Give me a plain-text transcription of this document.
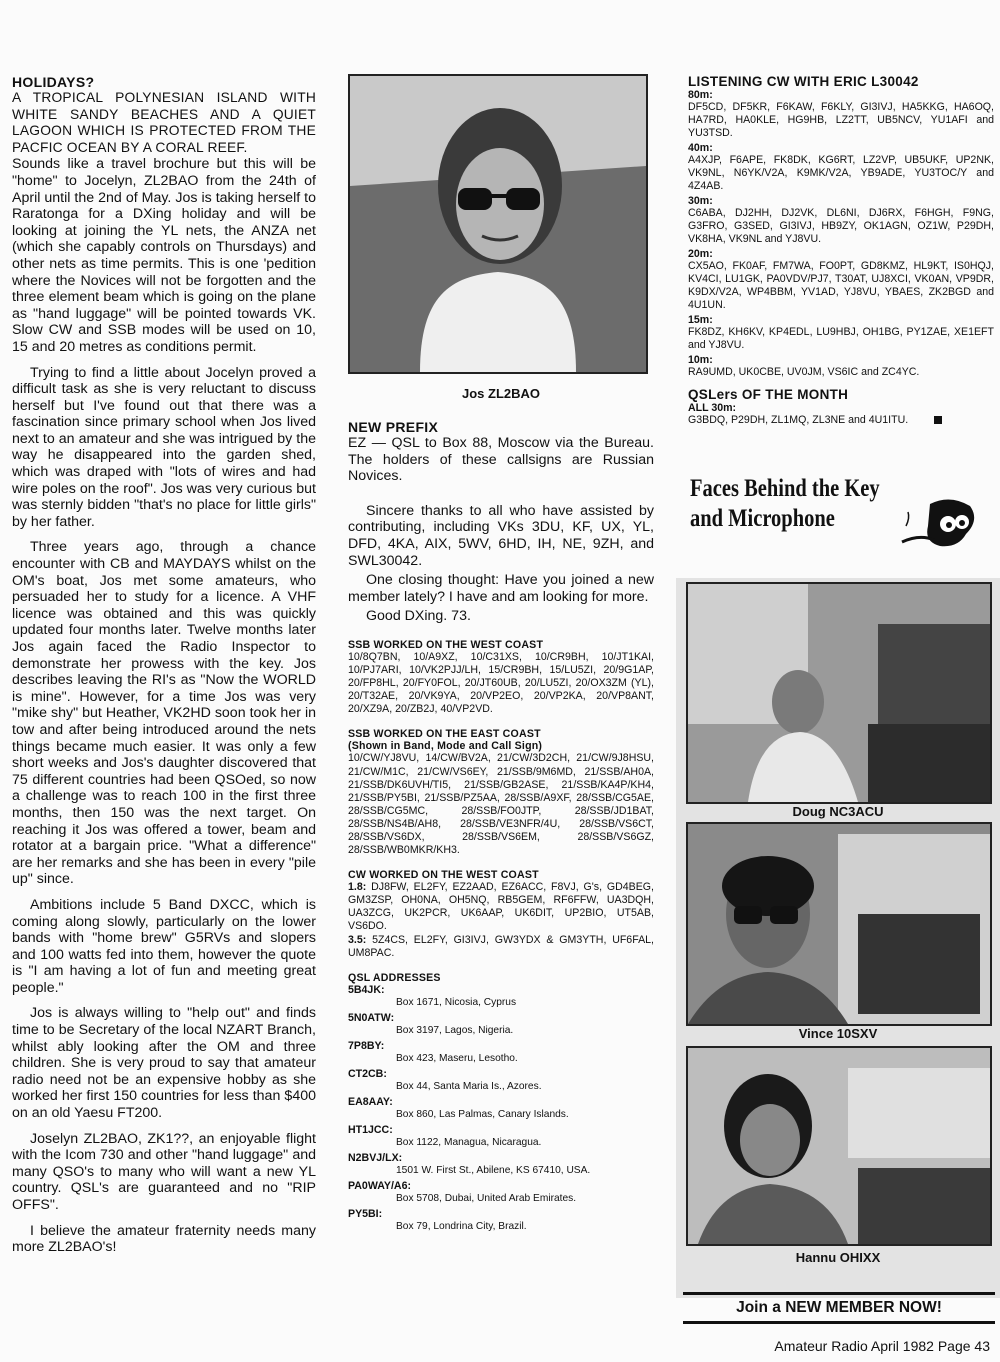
HOLIDAYS?

A TROPICAL POLYNESIAN ISLAND WITH WHITE SANDY BEACHES AND A QUIET LAGOON WHICH IS PROTECTED FROM THE PACFIC OCEAN BY A CORAL REEF.

Sounds like a travel brochure but this will be "home" to Jocelyn, ZL2BAO from the 24th of April until the 2nd of May. Jos is taking herself to Raratonga for a DXing holiday and will be looking at joining the YL nets, the ANZA net (which she capably controls on Thursdays) and other nets as time permits. This is one 'pedition where the Novices will not be forgotten and the three element beam which is going on the plane as "hand luggage" will be pointed towards VK. Slow CW and SSB modes will be used on 10, 15 and 20 metres as conditions permit.

Trying to find a little about Jocelyn proved a difficult task as she is very reluctant to discuss herself but I've found out that there was a fascination since primary school when Jos lived next to an amateur and she was intrigued by the way he disappeared into the garden shed, which was draped with "lots of wires and had wire poles on the roof". Jos was very curious but was sternly bidden "that's no place for little girls" by her father.

Three years ago, through a chance encounter with CB and MAYDAYS whilst on the OM's boat, Jos met some amateurs, who persuaded her to study for a licence. A VHF licence was obtained and this was quickly updated four months later. Twelve months later Jos again faced the Radio Inspector to demonstrate her prowess with the key. Jos describes leaving the RI's as "Now the WORLD is mine". However, for a time Jos was very "mike shy" but Heather, VK2HD soon took her in tow and after being introduced around the nets things became much easier. It was only a few short weeks and Jos's daughter discovered that 75 different countries had been QSOed, so now a challenge was to reach 100 in the first three months, then 150 was the next target. On reaching it Jos was offered a tower, beam and rotator at a bargain price. "What a difference" are her remarks and she has been in every "pile up" since.

Ambitions include 5 Band DXCC, which is coming along slowly, particularly on the lower bands with "home brew" G5RVs and slopers and 100 watts fed into them, however the quote is "I am having a lot of fun and meeting great people."

Jos is always willing to "help out" and finds time to be Secretary of the local NZART Branch, whilst ably looking after the OM and three children. She is very proud to say that amateur radio need not be an expensive hobby as she worked her first 150 countries for less than $400 on an old Yaesu FT200.

Joselyn ZL2BAO, ZK1??, an enjoyable flight with the Icom 730 and other "hand luggage" and many QSO's to many who will want a new YL country. QSL's are guaranteed and no "RIP OFFS".

I believe the amateur fraternity needs many more ZL2BAO's!

Jos ZL2BAO
NEW PREFIX

EZ — QSL to Box 88, Moscow via the Bureau. The holders of these callsigns are Russian Novices.

Sincere thanks to all who have assisted by contributing, including VKs 3DU, KF, UX, YL, DFD, 4KA, AIX, 5WV, 6HD, IH, NE, 9ZH, and SWL30042.

One closing thought: Have you joined a new member lately? I have and am looking for more.

Good DXing. 73.

SSB WORKED ON THE WEST COAST

10/8Q7BN, 10/A9XZ, 10/C31XS, 10/CR9BH, 10/JT1KAI, 10/PJ7ARI, 10/VK2PJJ/LH, 15/CR9BH, 15/LU5ZI, 20/9G1AP, 20/FP8HL, 20/FY0FOL, 20/JT60UB, 20/LU5ZI, 20/OX3ZM (YL), 20/T32AE, 20/VK9YA, 20/VP2EO, 20/VP2KA, 20/VP8ANT, 20/XZ9A, 20/ZB2J, 40/VP2VD.

SSB WORKED ON THE EAST COAST

(Shown in Band, Mode and Call Sign)

10/CW/YJ8VU, 14/CW/BV2A, 21/CW/3D2CH, 21/CW/9J8HSU, 21/CW/M1C, 21/CW/VS6EY, 21/SSB/9M6MD, 21/SSB/AH0A, 21/SSB/DK6UVH/TI5, 21/SSB/GB2ASE, 21/SSB/KA4P/KH4, 21/SSB/PY5BI, 21/SSB/PZ5AA, 28/SSB/A9XF, 28/SSB/CG5AE, 28/SSB/CG5MC, 28/SSB/FO0JTP, 28/SSB/JD1BAT, 28/SSB/NS4B/AH8, 28/SSB/VE3NFR/4U, 28/SSB/VS6CT, 28/SSB/VS6DX, 28/SSB/VS6EM, 28/SSB/VS6GZ, 28/SSB/WB0MKR/KH3.

CW WORKED ON THE WEST COAST

1.8: DJ8FW, EL2FY, EZ2AAD, EZ6ACC, F8VJ, G's, GD4BEG, GM3ZSP, OH0NA, OH5NQ, RB5GEM, RF6FFW, UA3DQH, UA3ZCG, UK2PCR, UK6AAP, UK6DIT, UP2BIO, UT5AB, VS6DO.

3.5: 5Z4CS, EL2FY, GI3IVJ, GW3YDX & GM3YTH, UF6FAL, UM8PAC.

QSL ADDRESSES

5B4JK:

Box 1671, Nicosia, Cyprus

5N0ATW:

Box 3197, Lagos, Nigeria.

7P8BY:

Box 423, Maseru, Lesotho.

CT2CB:

Box 44, Santa Maria Is., Azores.

EA8AAY:

Box 860, Las Palmas, Canary Islands.

HT1JCC:

Box 1122, Managua, Nicaragua.

N2BVJ/LX:

1501 W. First St., Abilene, KS 67410, USA.

PA0WAY/A6:

Box 5708, Dubai, United Arab Emirates.

PY5BI:

Box 79, Londrina City, Brazil.

LISTENING CW WITH ERIC L30042

80m:

DF5CD, DF5KR, F6KAW, F6KLY, GI3IVJ, HA5KKG, HA6OQ, HA7RD, HA0KLE, HG9HB, LZ2TT, UB5NCV, YU1AFI and YU3TSD.

40m:

A4XJP, F6APE, FK8DK, KG6RT, LZ2VP, UB5UKF, UP2NK, VK9NL, N6YK/V2A, K9MK/V2A, YB9ADE, YU3TOC/Y and 4Z4AB.

30m:

C6ABA, DJ2HH, DJ2VK, DL6NI, DJ6RX, F6HGH, F9NG, G3FRO, G3SED, GI3IVJ, HB9ZY, OK1AGN, OZ1W, P29DH, VK8HA, VK9NL and YJ8VU.

20m:

CX5AO, FK0AF, FM7WA, FO0PT, GD8KMZ, HL9KT, IS0HQJ, KV4CI, LU1GK, PA0VDV/PJ7, T30AT, UJ8XCI, VK0AN, VP9DR, K9DX/V2A, WP4BBM, YV1AD, YJ8VU, YBAES, ZK2BGD and 4U1UN.

15m:

FK8DZ, KH6KV, KP4EDL, LU9HBJ, OH1BG, PY1ZAE, XE1EFT and YJ8VU.

10m:

RA9UMD, UK0CBE, UV0JM, VS6IC and ZC4YC.

QSLers OF THE MONTH

ALL 30m:

G3BDQ, P29DH, ZL1MQ, ZL3NE and 4U1ITU.

Faces Behind the Key
and Microphone
Doug NC3ACU
Vince 10SXV
Hannu OHIXX
Join a NEW MEMBER NOW!
Amateur Radio April 1982 Page 43
